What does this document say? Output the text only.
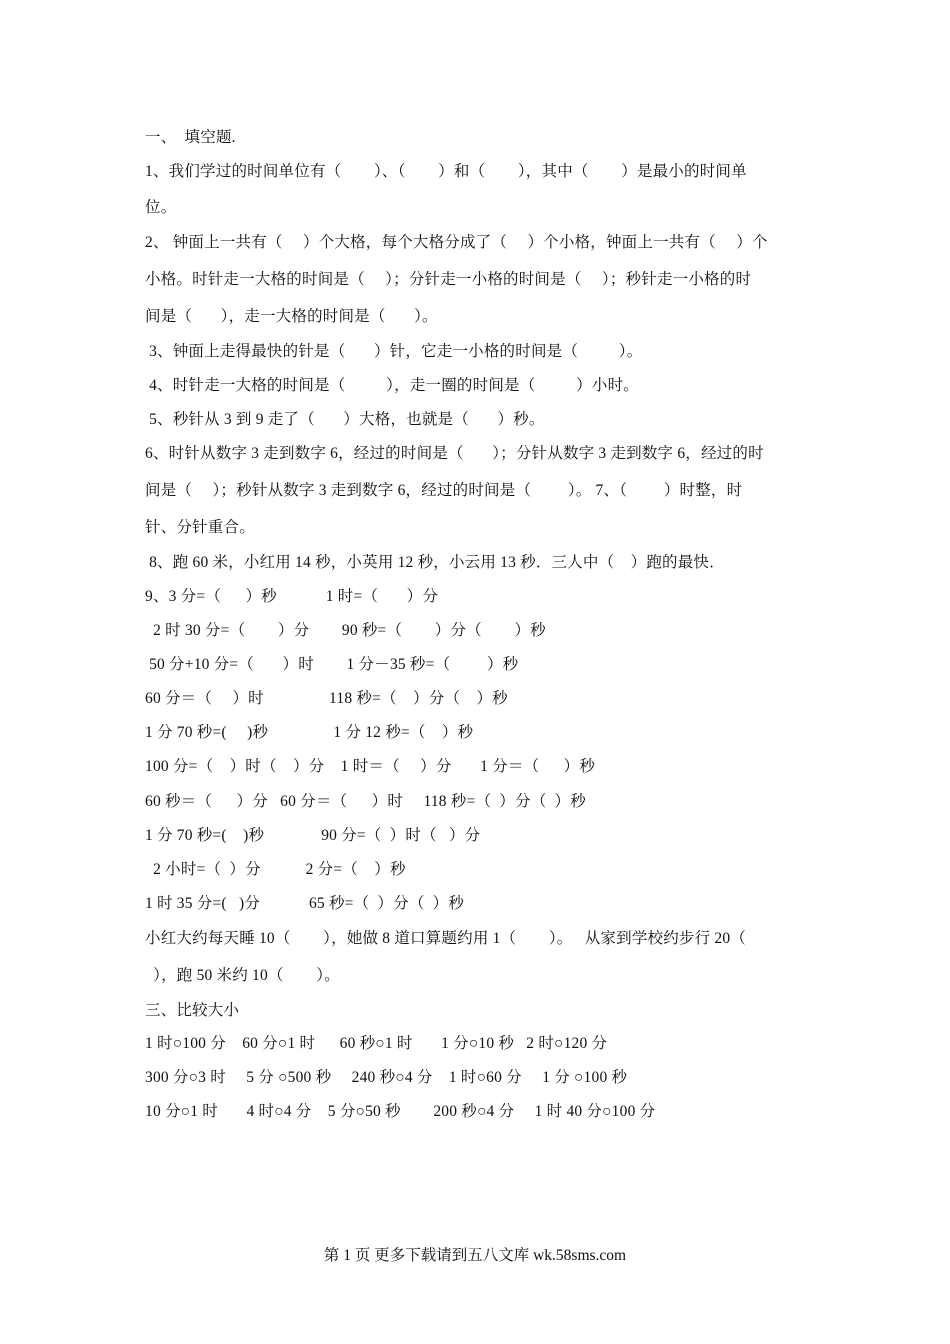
一、  填空题.
1、我们学过的时间单位有（        ）、（        ）和（        ），其中（        ）是最小的时间单
位。
2、 钟面上一共有（     ）个大格，每个大格分成了（     ）个小格，钟面上一共有（     ）个
小格。时针走一大格的时间是（     ）；分针走一小格的时间是（     ）；秒针走一小格的时
间是（       ），走一大格的时间是（       ）。
3、钟面上走得最快的针是（       ）针，它走一小格的时间是（          ）。
4、时针走一大格的时间是（          ），走一圈的时间是（          ）小时。
5、秒针从 3 到 9 走了（       ）大格，也就是（       ）秒。
6、时针从数字 3 走到数字 6，经过的时间是（       ）；分针从数字 3 走到数字 6，经过的时
间是（     ）；秒针从数字 3 走到数字 6，经过的时间是（         ）。 7、（         ）时整，时
针、分针重合。
8、跑 60 米，小红用 14 秒，小英用 12 秒，小云用 13 秒．三人中（    ）跑的最快．
9、3 分=（      ）秒            1 时=（       ）分
2 时 30 分=（        ）分        90 秒=（        ）分（        ）秒
50 分+10 分=（       ）时        1 分－35 秒=（         ）秒
60 分＝（     ）时                118 秒=（    ）分（    ）秒
1 分 70 秒=(     )秒                1 分 12 秒=（    ）秒
100 分=（    ）时（    ）分    1 时＝（     ）分       1 分＝（      ）秒
60 秒＝（      ）分   60 分＝（      ）时     118 秒=（  ）分（  ）秒
1 分 70 秒=(    )秒              90 分=（  ）时（   ）分
2 小时=（  ）分           2 分=（    ）秒
1 时 35 分=(   )分            65 秒=（  ）分（  ）秒
小红大约每天睡 10（        ），她做 8 道口算题约用 1（        ）。   从家到学校约步行 20（
），跑 50 米约 10（        ）。
三、比较大小
1 时○100 分    60 分○1 时      60 秒○1 时       1 分○10 秒   2 时○120 分
300 分○3 时     5 分 ○500 秒     240 秒○4 分    1 时○60 分     1 分 ○100 秒
10 分○1 时       4 时○4 分    5 分○50 秒        200 秒○4 分     1 时 40 分○100 分
第 1 页 更多下载请到五八文库 wk.58sms.com
